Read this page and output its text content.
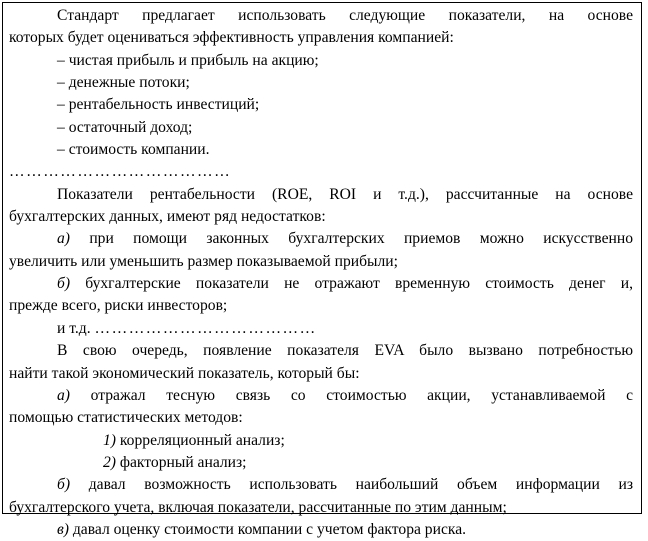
Стандарт предлагает использовать следующие показатели, на основе
которых будет оцениваться эффективность управления компанией:
– чистая прибыль и прибыль на акцию;
– денежные потоки;
– рентабельность инвестиций;
– остаточный доход;
– стоимость компании.
…………………………………
Показатели рентабельности (ROE, ROI и т.д.), рассчитанные на основе
бухгалтерских данных, имеют ряд недостатков:
а) при помощи законных бухгалтерских приемов можно искусственно
увеличить или уменьшить размер показываемой прибыли;
б) бухгалтерские показатели не отражают временную стоимость денег и,
прежде всего, риски инвесторов;
и т.д. …………………………………
В свою очередь, появление показателя EVA было вызвано потребностью
найти такой экономический показатель, который бы:
а) отражал тесную связь со стоимостью акции, устанавливаемой с
помощью статистических методов:
1) корреляционный анализ;
2) факторный анализ;
б) давал возможность использовать наибольший объем информации из
бухгалтерского учета, включая показатели, рассчитанные по этим данным;
в) давал оценку стоимости компании с учетом фактора риска.
